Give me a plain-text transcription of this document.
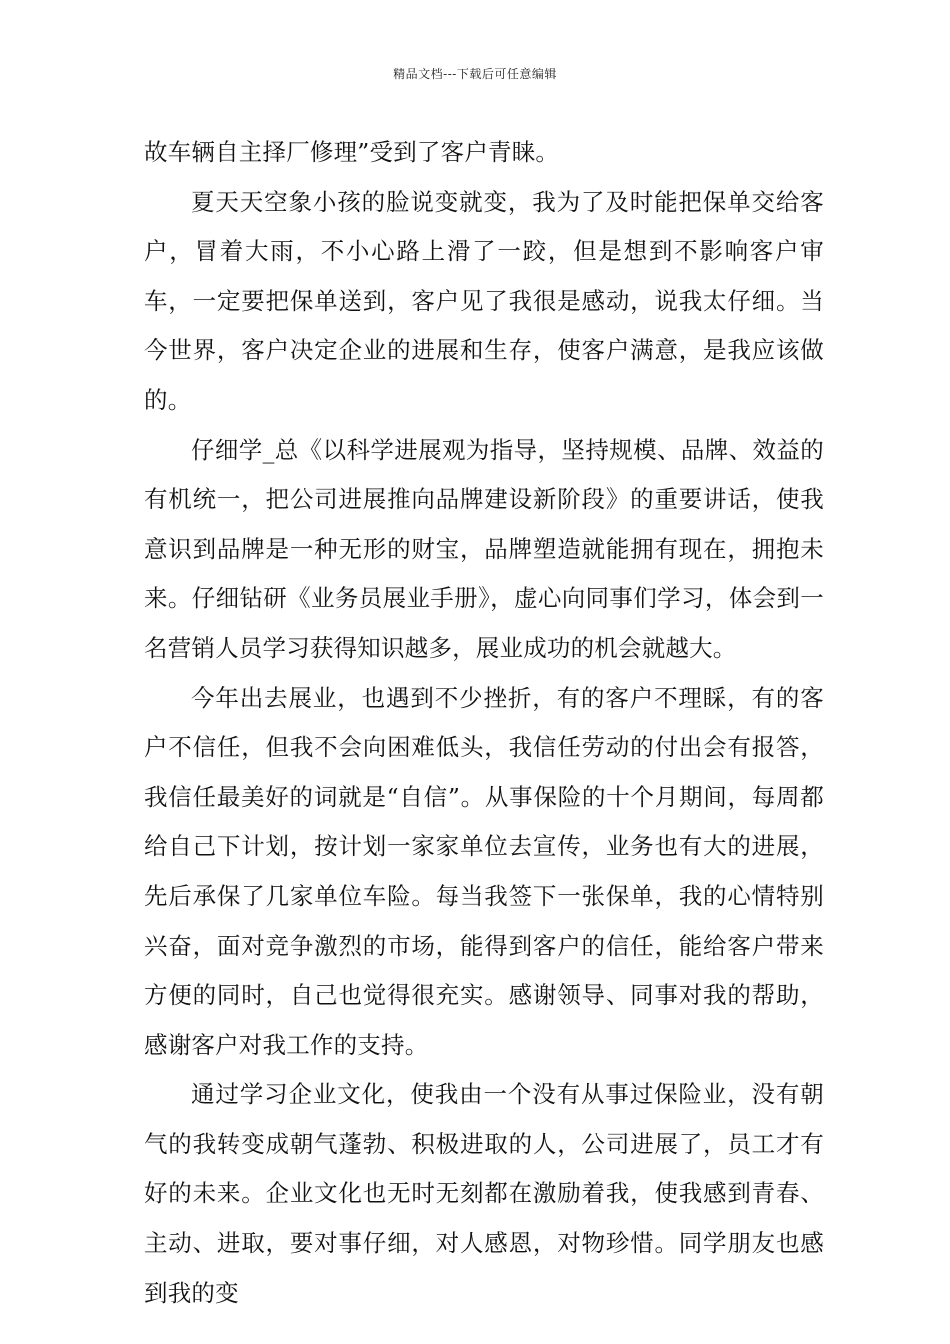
精品文档---下载后可任意编辑

故车辆自主择厂修理”受到了客户青睐。

夏天天空象小孩的脸说变就变，我为了及时能把保单交给客户，冒着大雨，不小心路上滑了一跤，但是想到不影响客户审车，一定要把保单送到，客户见了我很是感动，说我太仔细。当今世界，客户决定企业的进展和生存，使客户满意，是我应该做的。

仔细学_总《以科学进展观为指导，坚持规模、品牌、效益的有机统一，把公司进展推向品牌建设新阶段》的重要讲话，使我意识到品牌是一种无形的财宝，品牌塑造就能拥有现在，拥抱未来。仔细钻研《业务员展业手册》，虚心向同事们学习，体会到一名营销人员学习获得知识越多，展业成功的机会就越大。

今年出去展业，也遇到不少挫折，有的客户不理睬，有的客户不信任，但我不会向困难低头，我信任劳动的付出会有报答，我信任最美好的词就是“自信”。从事保险的十个月期间，每周都给自己下计划，按计划一家家单位去宣传，业务也有大的进展，先后承保了几家单位车险。每当我签下一张保单，我的心情特别兴奋，面对竞争激烈的市场，能得到客户的信任，能给客户带来方便的同时，自己也觉得很充实。感谢领导、同事对我的帮助，感谢客户对我工作的支持。

通过学习企业文化，使我由一个没有从事过保险业，没有朝气的我转变成朝气蓬勃、积极进取的人，公司进展了，员工才有好的未来。企业文化也无时无刻都在激励着我，使我感到青春、主动、进取，要对事仔细，对人感恩，对物珍惜。同学朋友也感到我的变
